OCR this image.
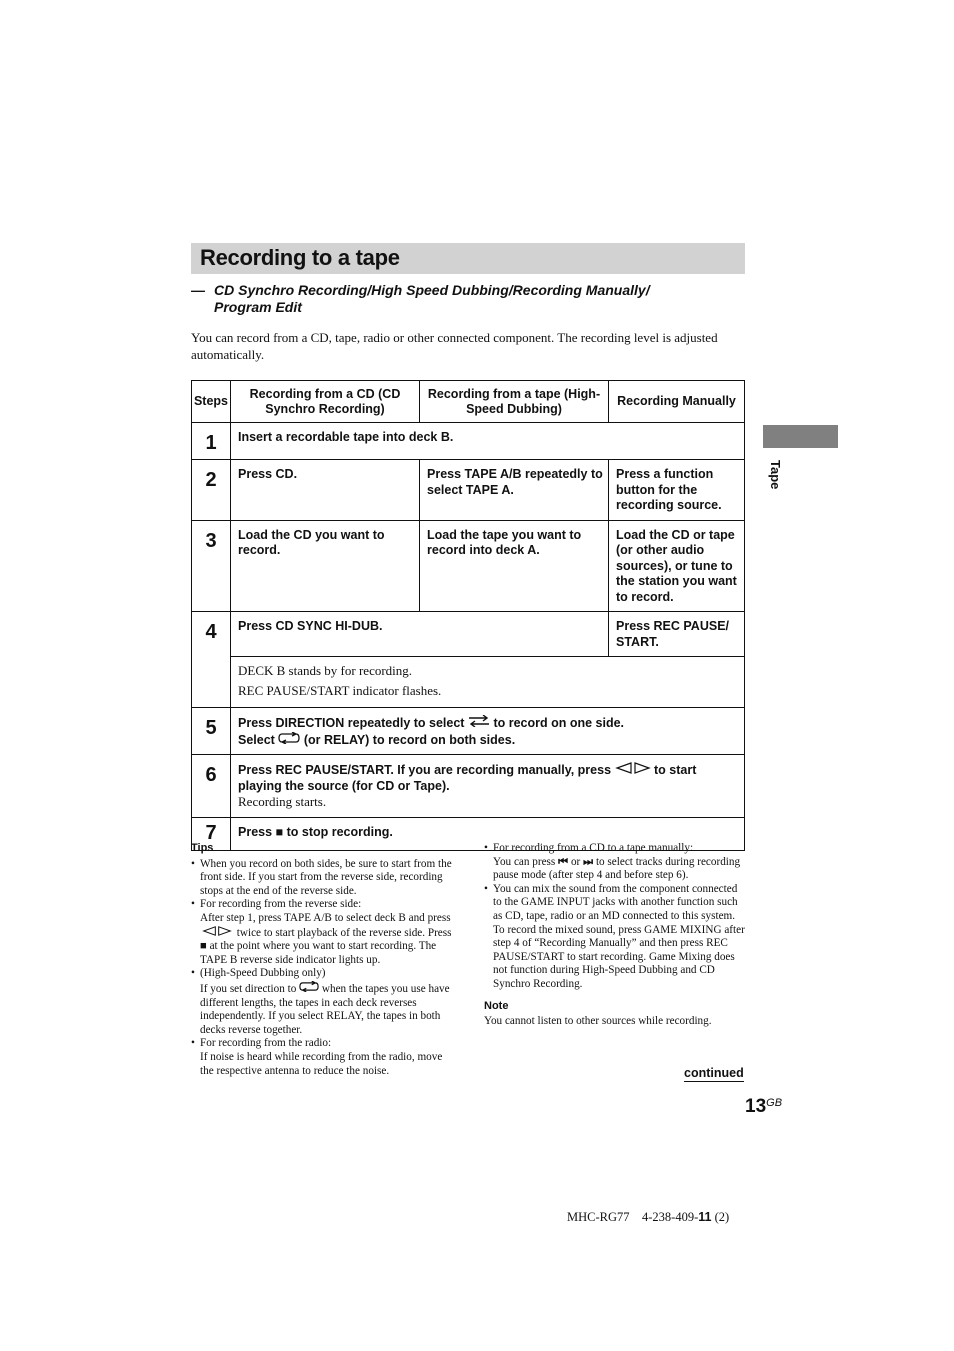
Recording to a tape
— CD Synchro Recording/High Speed Dubbing/Recording Manually/
Program Edit
You can record from a CD, tape, radio or other connected component. The recording level is adjusted automatically.
Steps	Recording from a CD (CD Synchro Recording)	Recording from a tape (High-Speed Dubbing)	Recording Manually
1	Insert a recordable tape into deck B.		
2	Press CD.	Press TAPE A/B repeatedly to select TAPE A.	Press a function button for the recording source.
3	Load the CD you want to record.	Load the tape you want to record into deck A.	Load the CD or tape (or other audio sources), or tune to the station you want to record.
4	Press CD SYNC HI-DUB.		Press REC PAUSE/ START.

	DECK B stands by for recording.
REC PAUSE/START indicator flashes.		

5	Press DIRECTION repeatedly to select to record on one side.
Select (or RELAY) to record on both sides.		
6	Press REC PAUSE/START. If you are recording manually, press to start playing the source (for CD or Tape).
Recording starts.		
7	Press ■ to stop recording.		
Tape
Tips
• When you record on both sides, be sure to start from the front side. If you start from the reverse side, recording stops at the end of the reverse side.
• For recording from the reverse side:
After step 1, press TAPE A/B to select deck B and press  twice to start playback of the reverse side. Press ■ at the point where you want to start recording. The TAPE B reverse side indicator lights up.
• (High-Speed Dubbing only)
If you set direction to when the tapes you use have different lengths, the tapes in each deck reverses independently. If you select RELAY, the tapes in both decks reverse together.
• For recording from the radio:
If noise is heard while recording from the radio, move the respective antenna to reduce the noise.
• For recording from a CD to a tape manually:
You can press ⏮ or ⏭ to select tracks during recording pause mode (after step 4 and before step 6).
• You can mix the sound from the component connected to the GAME INPUT jacks with another function such as CD, tape, radio or an MD connected to this system. To record the mixed sound, press GAME MIXING after step 4 of “Recording Manually” and then press REC PAUSE/START to start recording. Game Mixing does not function during High-Speed Dubbing and CD Synchro Recording.
Note
You cannot listen to other sources while recording.
continued
$13^{GB}$
MHC-RG77 4-238-409-11 (2)
